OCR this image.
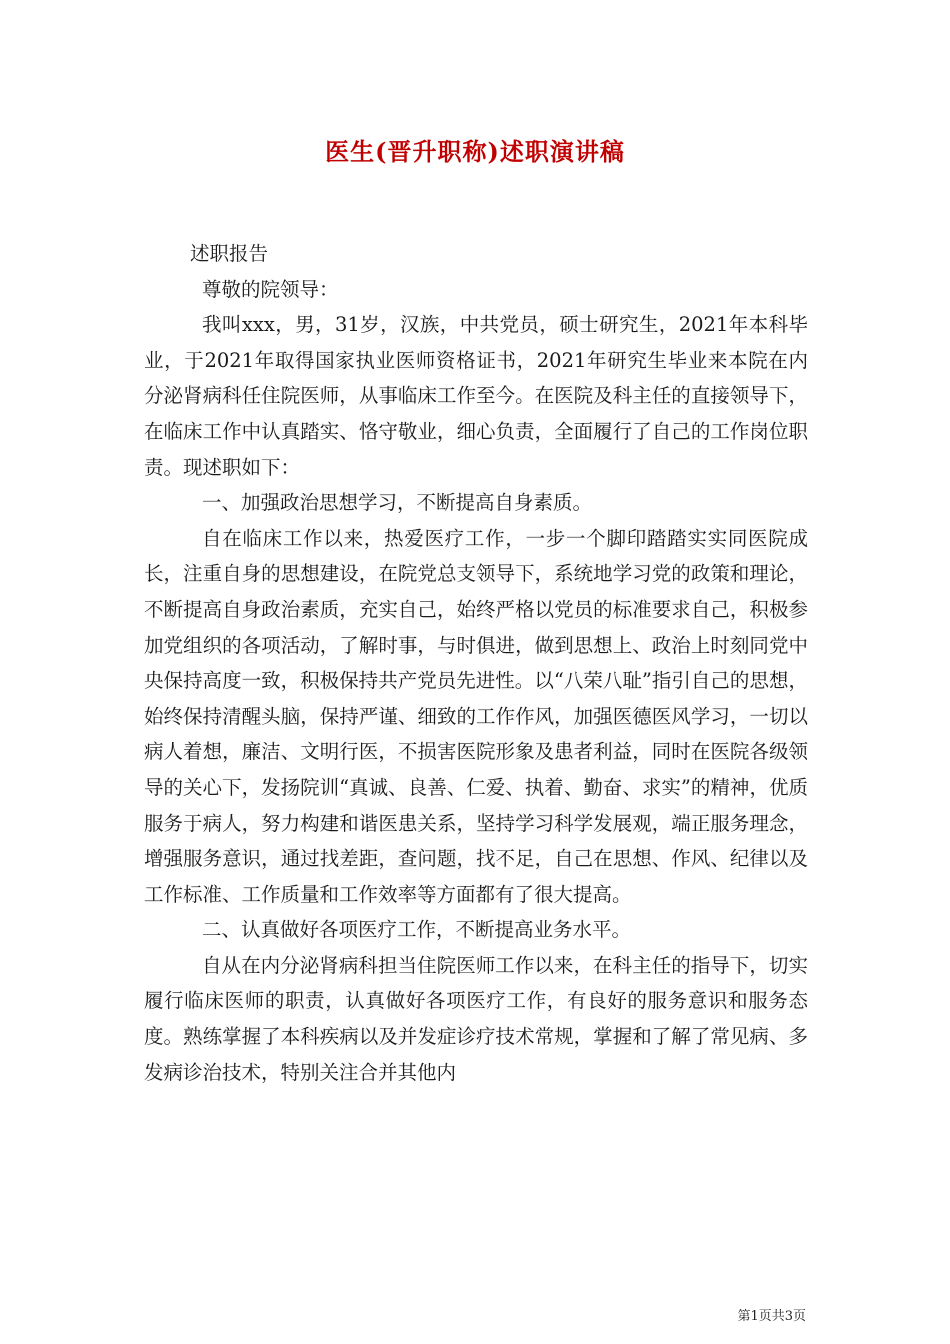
医生(晋升职称)述职演讲稿

述职报告

尊敬的院领导：

我叫xxx，男，31岁，汉族，中共党员，硕士研究生，2021年本科毕业，于2021年取得国家执业医师资格证书，2021年研究生毕业来本院在内分泌肾病科任住院医师，从事临床工作至今。在医院及科主任的直接领导下，在临床工作中认真踏实、恪守敬业，细心负责，全面履行了自己的工作岗位职责。现述职如下：

一、加强政治思想学习，不断提高自身素质。

自在临床工作以来，热爱医疗工作，一步一个脚印踏踏实实同医院成长，注重自身的思想建设，在院党总支领导下，系统地学习党的政策和理论，不断提高自身政治素质，充实自己，始终严格以党员的标准要求自己，积极参加党组织的各项活动，了解时事，与时俱进，做到思想上、政治上时刻同党中央保持高度一致，积极保持共产党员先进性。以“八荣八耻”指引自己的思想，始终保持清醒头脑，保持严谨、细致的工作作风，加强医德医风学习，一切以病人着想，廉洁、文明行医，不损害医院形象及患者利益，同时在医院各级领导的关心下，发扬院训“真诚、良善、仁爱、执着、勤奋、求实”的精神，优质服务于病人，努力构建和谐医患关系，坚持学习科学发展观，端正服务理念，增强服务意识，通过找差距，查问题，找不足，自己在思想、作风、纪律以及工作标准、工作质量和工作效率等方面都有了很大提高。

二、认真做好各项医疗工作，不断提高业务水平。

自从在内分泌肾病科担当住院医师工作以来，在科主任的指导下，切实履行临床医师的职责，认真做好各项医疗工作，有良好的服务意识和服务态度。熟练掌握了本科疾病以及并发症诊疗技术常规，掌握和了解了常见病、多发病诊治技术，特别关注合并其他内

第1页共3页
